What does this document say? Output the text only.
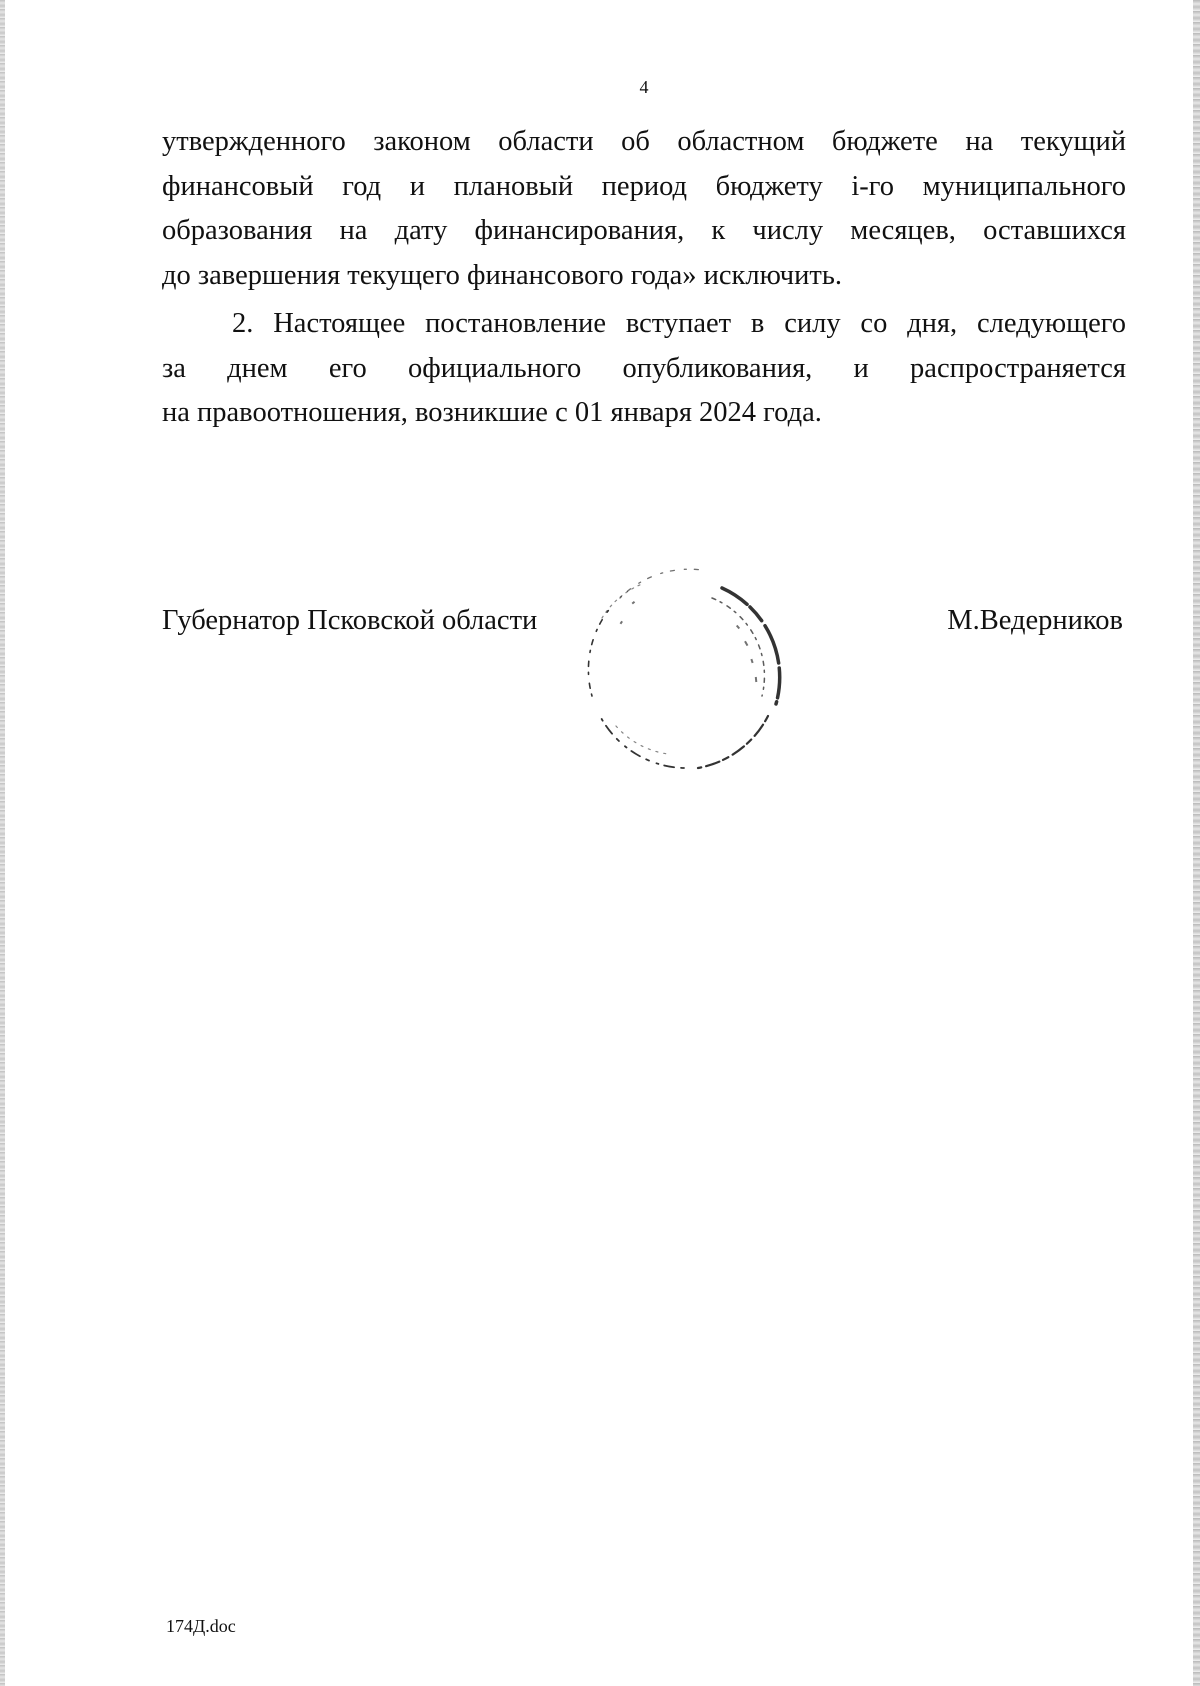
4

утвержденного законом области об областном бюджете на текущий
финансовый год и плановый период бюджету i-го муниципального
образования на дату финансирования, к числу месяцев, оставшихся
до завершения текущего финансового года» исключить.

2. Настоящее постановление вступает в силу со дня, следующего
за днем его официального опубликования, и распространяется
на правоотношения, возникшие с 01 января 2024 года.

Губернатор Псковской области	М.Ведерников
174Д.doc
